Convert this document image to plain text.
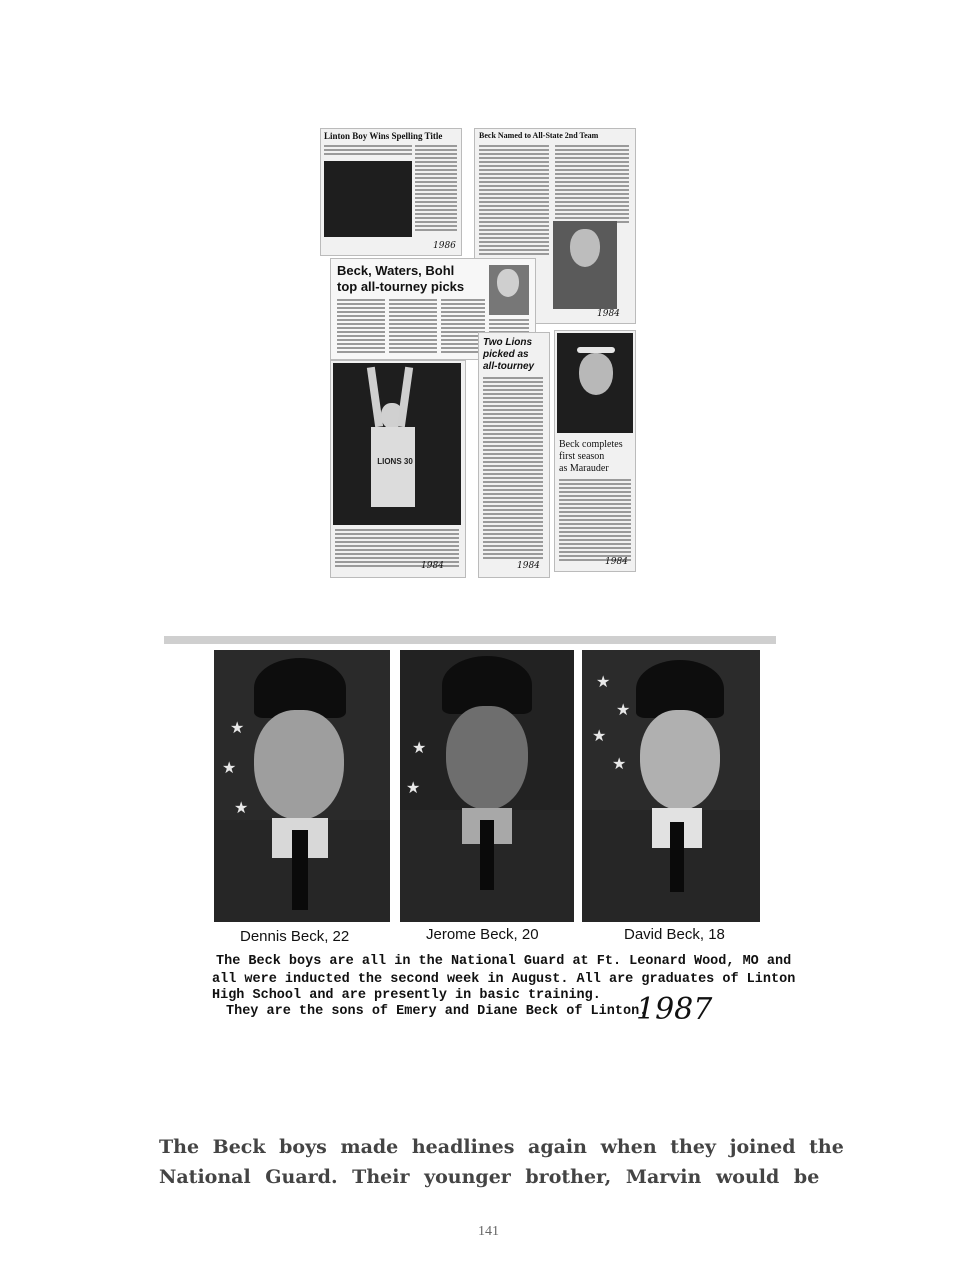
Linton Boy Wins Spelling Title
1986
Beck Named to All-State 2nd Team
1984
Beck, Waters, Bohl
top all-tourney picks
LIONS 30
1984
Two Lions
picked as
all-tourney
1984
Beck completes
first season
as Marauder
1984
★
★
★
★
★
★
★
★
★
Dennis Beck, 22	Jerome Beck, 20	David Beck, 18
The Beck boys are all in the National Guard at Ft. Leonard Wood, MO and
all were inducted the second week in August. All are graduates of Linton
High School and are presently in basic training.
They are the sons of Emery and Diane Beck of Linton.
1987
The Beck boys made headlines again when they joined the
National Guard. Their younger brother, Marvin would be
141
